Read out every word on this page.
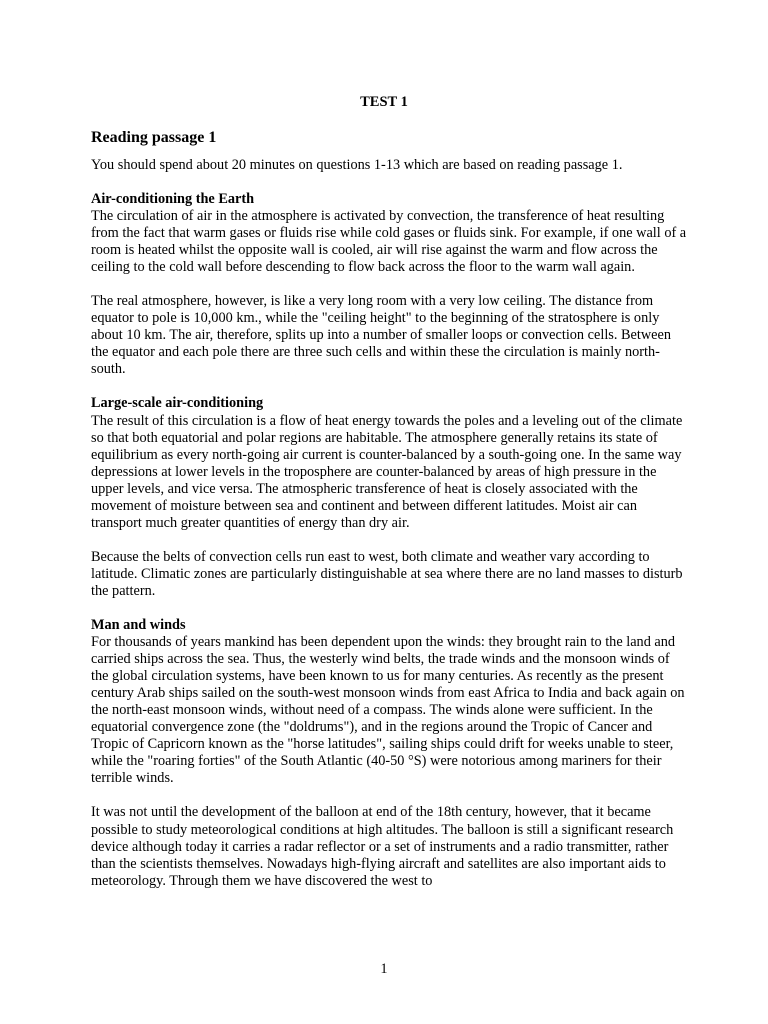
TEST 1
Reading passage 1
You should spend about 20 minutes on questions 1-13 which are based on reading passage 1.
Air-conditioning the Earth

The circulation of air in the atmosphere is activated by convection, the transference of heat resulting from the fact that warm gases or fluids rise while cold gases or fluids sink. For example, if one wall of a room is heated whilst the opposite wall is cooled, air will rise against the warm and flow across the ceiling to the cold wall before descending to flow back across the floor to the warm wall again.

The real atmosphere, however, is like a very long room with a very low ceiling. The distance from equator to pole is 10,000 km., while the "ceiling height" to the beginning of the stratosphere is only about 10 km. The air, therefore, splits up into a number of smaller loops or convection cells. Between the equator and each pole there are three such cells and within these the circulation is mainly north-south.

Large-scale air-conditioning

The result of this circulation is a flow of heat energy towards the poles and a leveling out of the climate so that both equatorial and polar regions are habitable. The atmosphere generally retains its state of equilibrium as every north-going air current is counter-balanced by a south-going one. In the same way depressions at lower levels in the troposphere are counter-balanced by areas of high pressure in the upper levels, and vice versa. The atmospheric transference of heat is closely associated with the movement of moisture between sea and continent and between different latitudes. Moist air can transport much greater quantities of energy than dry air.

Because the belts of convection cells run east to west, both climate and weather vary according to latitude. Climatic zones are particularly distinguishable at sea where there are no land masses to disturb the pattern.

Man and winds

For thousands of years mankind has been dependent upon the winds: they brought rain to the land and carried ships across the sea. Thus, the westerly wind belts, the trade winds and the monsoon winds of the global circulation systems, have been known to us for many centuries. As recently as the present century Arab ships sailed on the south-west monsoon winds from east Africa to India and back again on the north-east monsoon winds, without need of a compass. The winds alone were sufficient. In the equatorial convergence zone (the "doldrums"), and in the regions around the Tropic of Cancer and Tropic of Capricorn known as the "horse latitudes", sailing ships could drift for weeks unable to steer, while the "roaring forties" of the South Atlantic (40-50 °S) were notorious among mariners for their terrible winds.

It was not until the development of the balloon at end of the 18th century, however, that it became possible to study meteorological conditions at high altitudes. The balloon is still a significant research device although today it carries a radar reflector or a set of instruments and a radio transmitter, rather than the scientists themselves. Nowadays high-flying aircraft and satellites are also important aids to meteorology. Through them we have discovered the west to

1
